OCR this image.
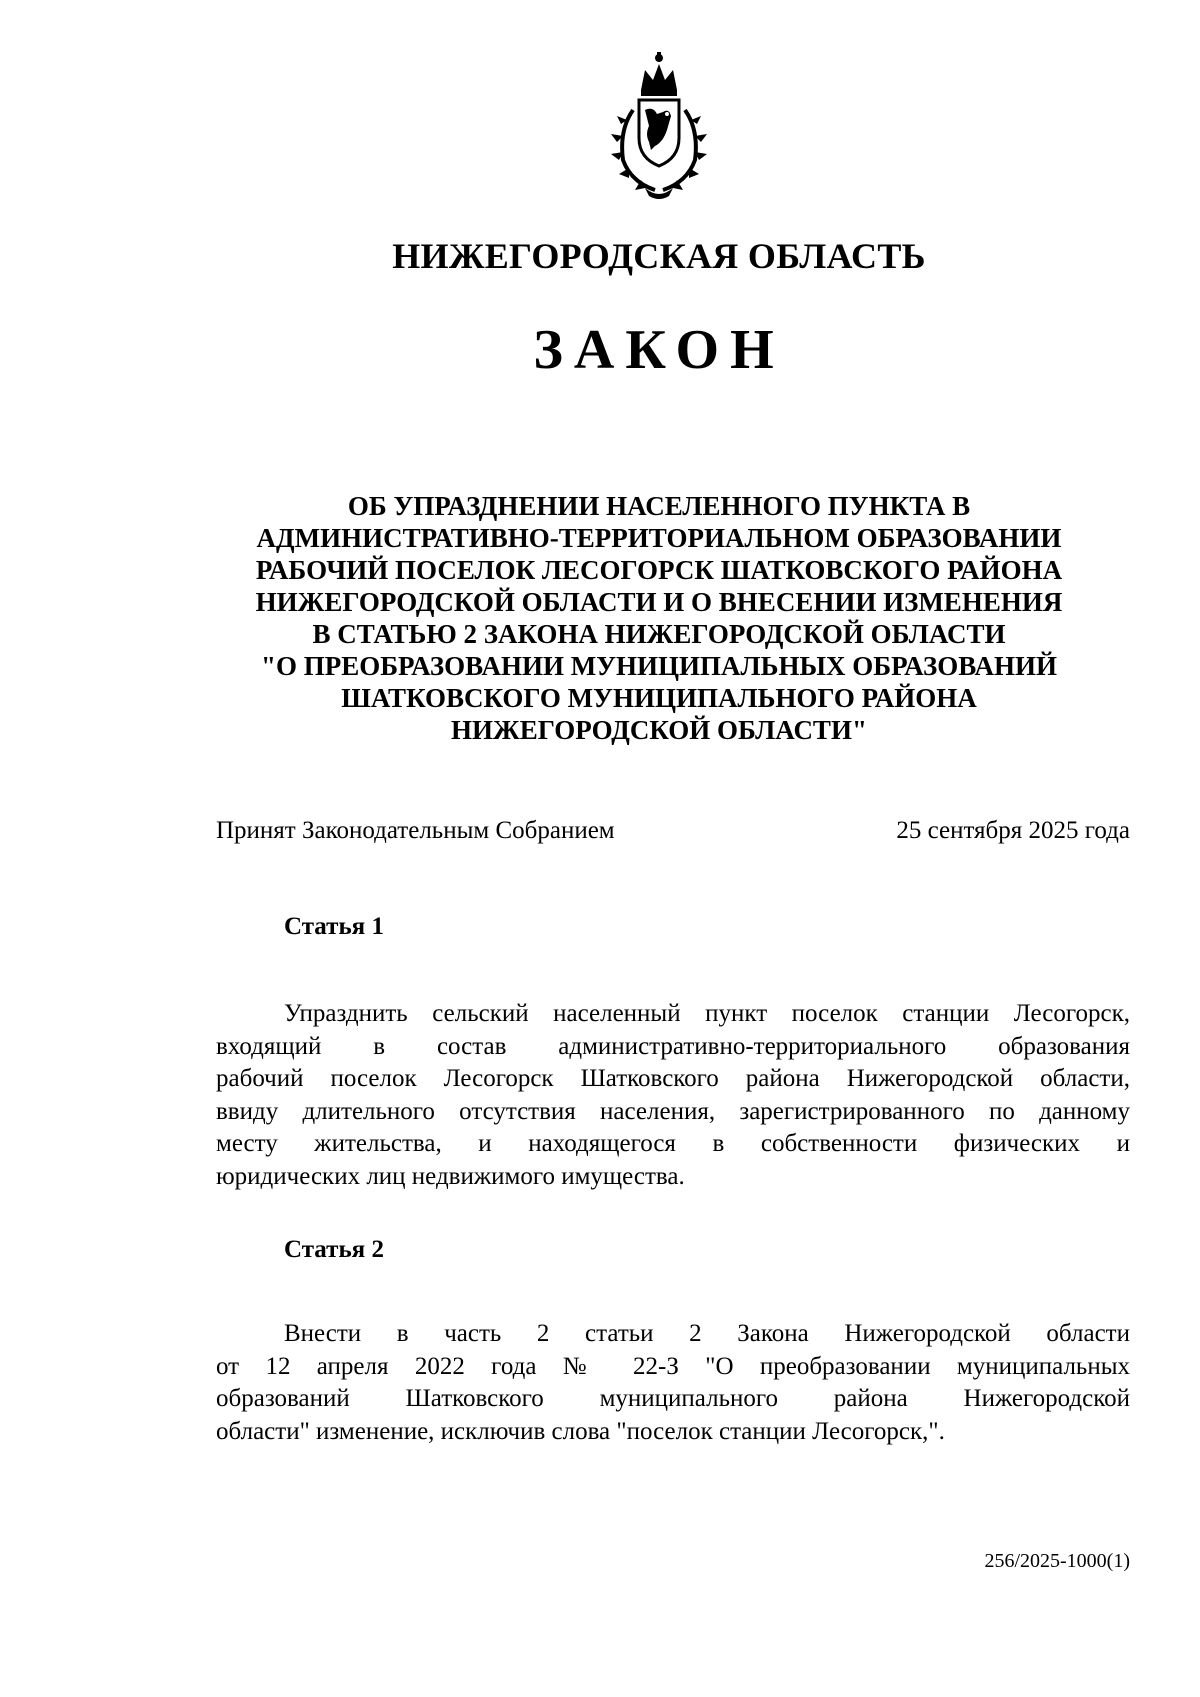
НИЖЕГОРОДСКАЯ ОБЛАСТЬ
ЗАКОН
ОБ УПРАЗДНЕНИИ НАСЕЛЕННОГО ПУНКТА В
АДМИНИСТРАТИВНО-ТЕРРИТОРИАЛЬНОМ ОБРАЗОВАНИИ
РАБОЧИЙ ПОСЕЛОК ЛЕСОГОРСК ШАТКОВСКОГО РАЙОНА
НИЖЕГОРОДСКОЙ ОБЛАСТИ И О ВНЕСЕНИИ ИЗМЕНЕНИЯ
В СТАТЬЮ 2 ЗАКОНА НИЖЕГОРОДСКОЙ ОБЛАСТИ
"О ПРЕОБРАЗОВАНИИ МУНИЦИПАЛЬНЫХ ОБРАЗОВАНИЙ
ШАТКОВСКОГО МУНИЦИПАЛЬНОГО РАЙОНА
НИЖЕГОРОДСКОЙ ОБЛАСТИ"
Принят Законодательным Собранием	25 сентября 2025 года
Статья 1
Упразднить сельский населенный пункт поселок станции Лесогорск,
входящий в состав административно-территориального образования
рабочий поселок Лесогорск Шатковского района Нижегородской области,
ввиду длительного отсутствия населения, зарегистрированного по данному
месту жительства, и находящегося в собственности физических и
юридических лиц недвижимого имущества.
Статья 2
Внести в часть 2 статьи 2 Закона Нижегородской области
от 12 апреля 2022 года № 22-З "О преобразовании муниципальных
образований Шатковского муниципального района Нижегородской
области" изменение, исключив слова "поселок станции Лесогорск,".
256/2025-1000(1)
